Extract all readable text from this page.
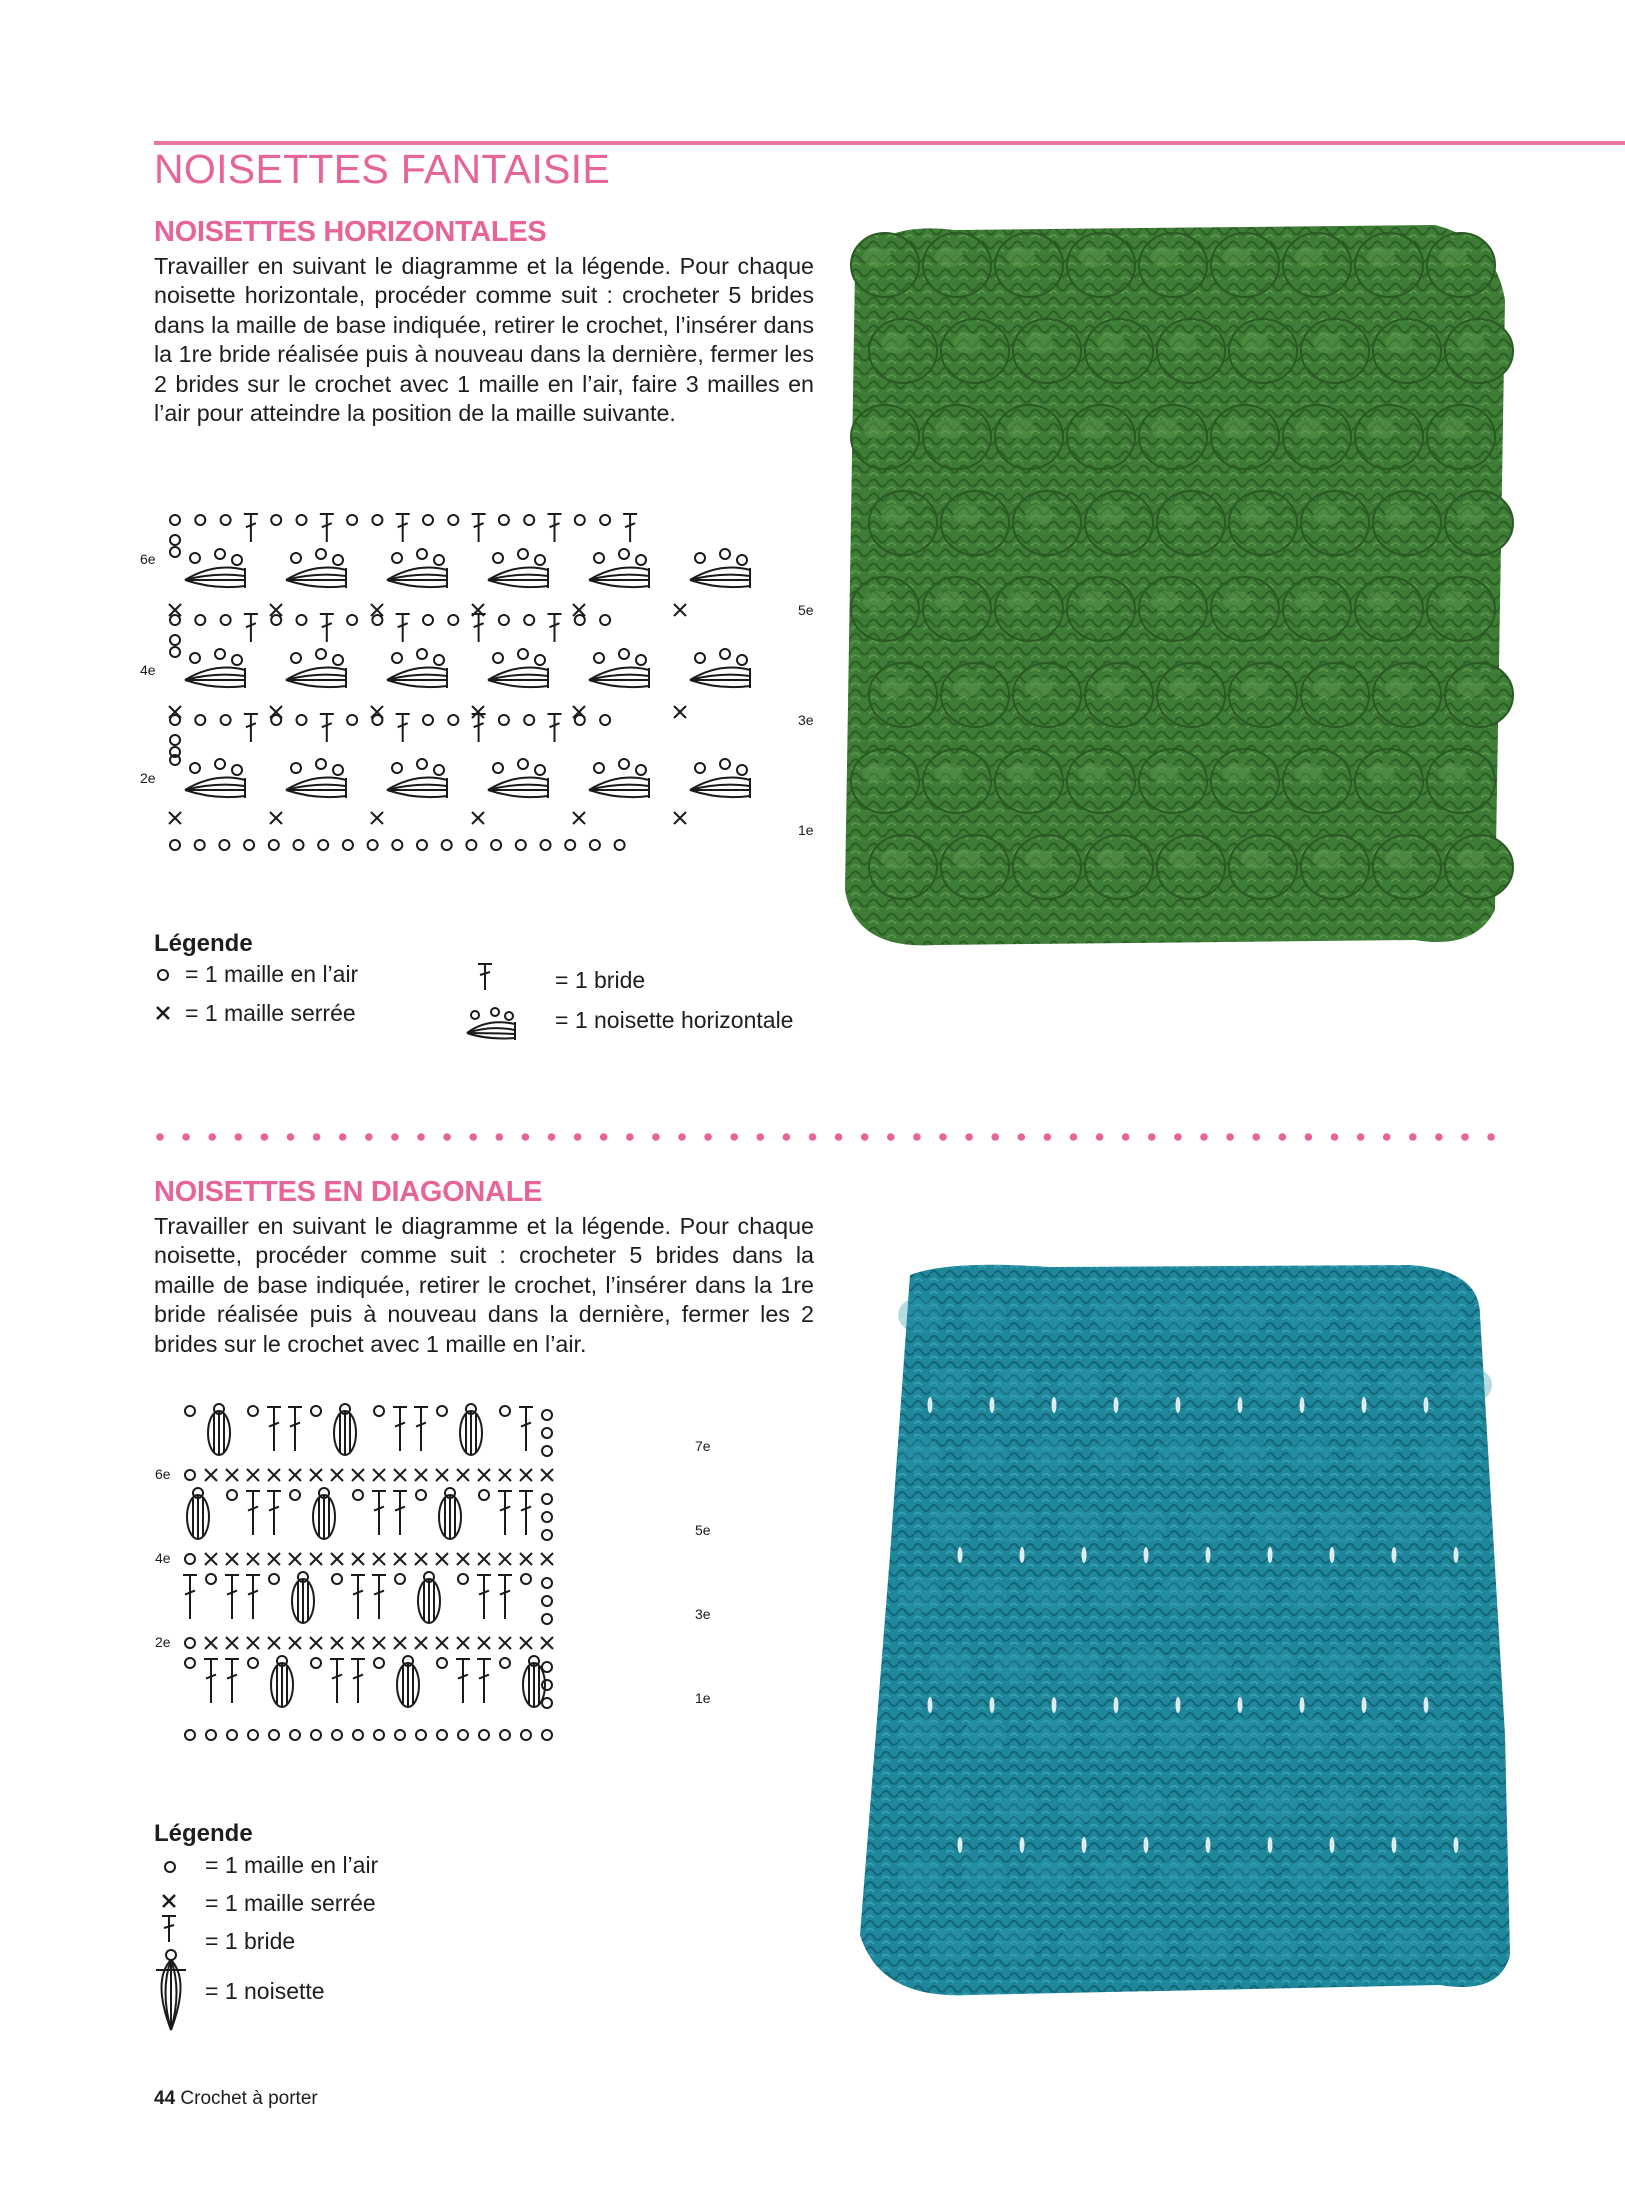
NOISETTES FANTAISIE
NOISETTES HORIZONTALES

Travailler en suivant le diagramme et la légende. Pour chaque noisette horizontale, procéder comme suit : crocheter 5 brides dans la maille de base indiquée, retirer le crochet, l’insérer dans la 1re bride réalisée puis à nouveau dans la dernière, fermer les 2 brides sur le crochet avec 1 maille en l’air, faire 3 mailles en l’air pour atteindre la position de la maille suivante.

6e
5e
4e
3e
2e
1e
Légende
= 1 maille en l’air
= 1 maille serrée
= 1 bride
= 1 noisette horizontale
NOISETTES EN DIAGONALE

Travailler en suivant le diagramme et la légende. Pour chaque noisette, procéder comme suit : crocheter 5 brides dans la maille de base indiquée, retirer le crochet, l’insérer dans la 1re bride réalisée puis à nouveau dans la dernière, fermer les 2 brides sur le crochet avec 1 maille en l’air.

7e
6e
5e
4e
3e
2e
1e
Légende
= 1 maille en l’air
= 1 maille serrée
= 1 bride
= 1 noisette
44 Crochet à porter
